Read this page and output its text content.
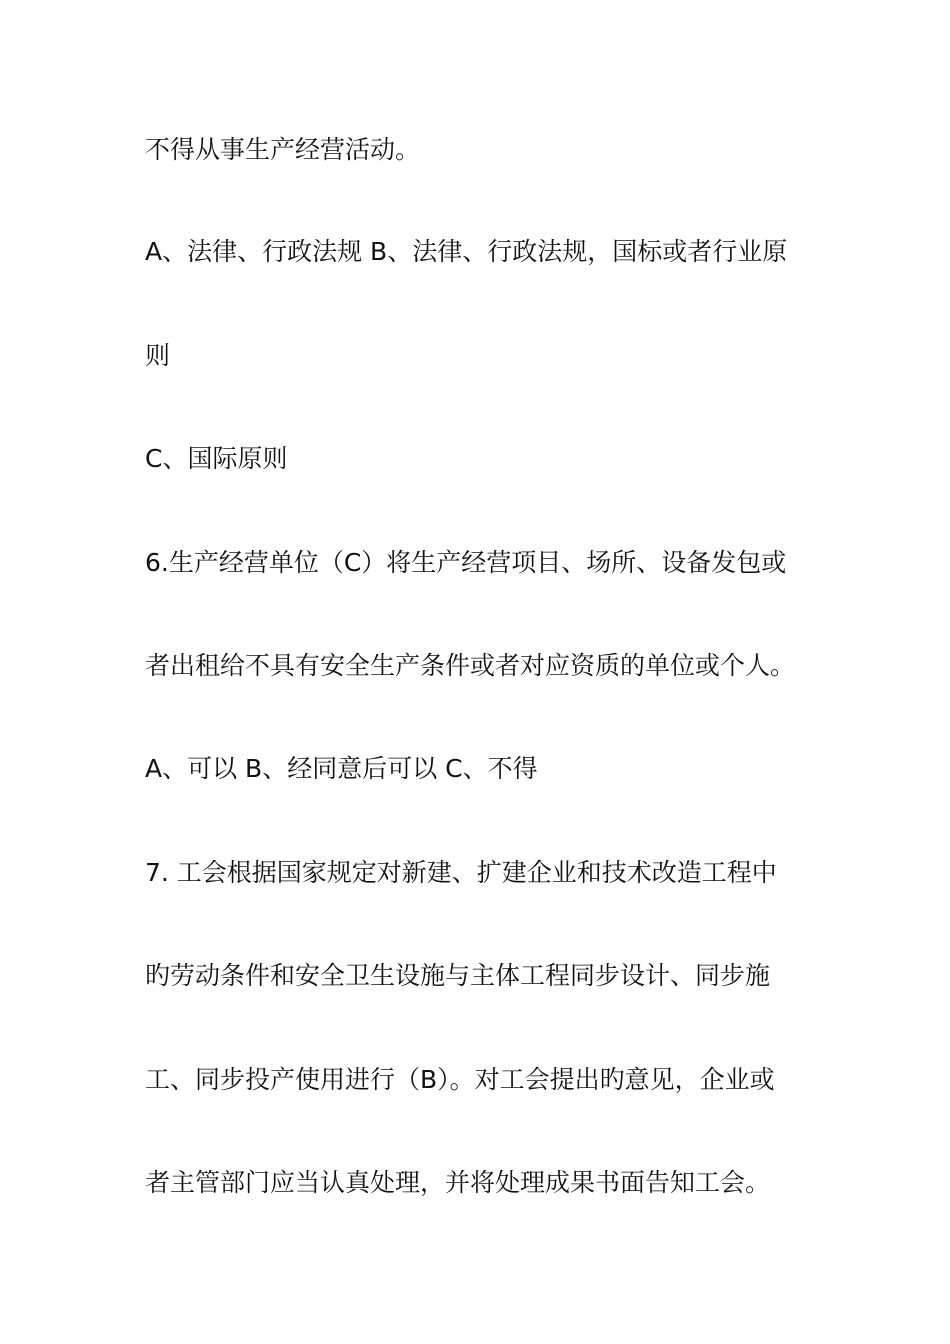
不得从事生产经营活动。
A、法律、行政法规 B、法律、行政法规，国标或者行业原
则
C、国际原则
6.生产经营单位（C）将生产经营项目、场所、设备发包或
者出租给不具有安全生产条件或者对应资质的单位或个人。
A、可以 B、经同意后可以 C、不得
7. 工会根据国家规定对新建、扩建企业和技术改造工程中
旳劳动条件和安全卫生设施与主体工程同步设计、同步施
工、同步投产使用进行（B）。对工会提出旳意见，企业或
者主管部门应当认真处理，并将处理成果书面告知工会。
